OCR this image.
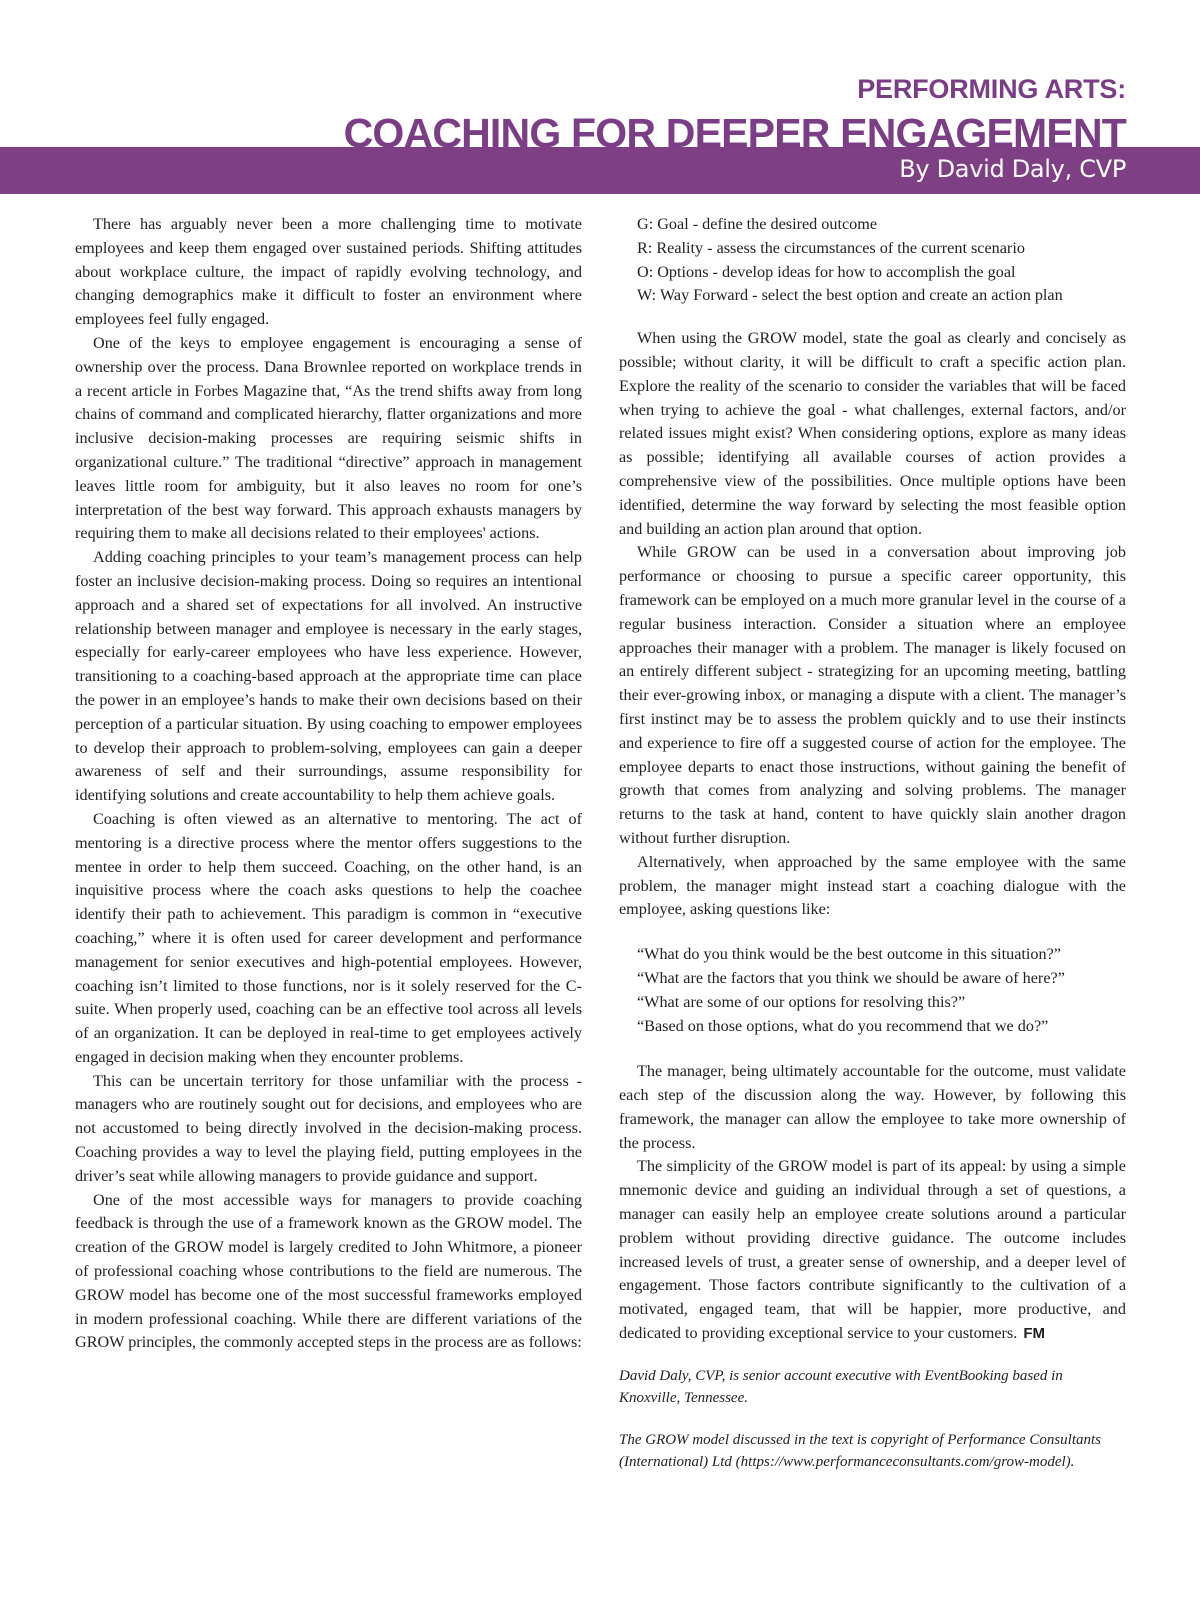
PERFORMING ARTS:
COACHING FOR DEEPER ENGAGEMENT
By David Daly, CVP

There has arguably never been a more challenging time to motivate employees and keep them engaged over sustained periods. Shifting attitudes about workplace culture, the impact of rapidly evolving technology, and changing demographics make it difficult to foster an environment where employees feel fully engaged.

One of the keys to employee engagement is encouraging a sense of ownership over the process. Dana Brownlee reported on workplace trends in a recent article in Forbes Magazine that, “As the trend shifts away from long chains of command and complicated hierarchy, flatter organizations and more inclusive decision-making processes are requiring seismic shifts in organizational culture.” The traditional “directive” approach in management leaves little room for ambiguity, but it also leaves no room for one’s interpretation of the best way forward. This approach exhausts managers by requiring them to make all decisions related to their employees' actions.

Adding coaching principles to your team’s management process can help foster an inclusive decision-making process. Doing so requires an intentional approach and a shared set of expectations for all involved. An instructive relationship between manager and employee is necessary in the early stages, especially for early-career employees who have less experience. However, transitioning to a coaching-based approach at the appropriate time can place the power in an employee’s hands to make their own decisions based on their perception of a particular situation. By using coaching to empower employees to develop their approach to problem-solving, employees can gain a deeper awareness of self and their surroundings, assume responsibility for identifying solutions and create accountability to help them achieve goals.

Coaching is often viewed as an alternative to mentoring. The act of mentoring is a directive process where the mentor offers suggestions to the mentee in order to help them succeed. Coaching, on the other hand, is an inquisitive process where the coach asks questions to help the coachee identify their path to achievement. This paradigm is common in “executive coaching,” where it is often used for career development and performance management for senior executives and high-potential employees. However, coaching isn’t limited to those functions, nor is it solely reserved for the C-suite. When properly used, coaching can be an effective tool across all levels of an organization. It can be deployed in real-time to get employees actively engaged in decision making when they encounter problems.

This can be uncertain territory for those unfamiliar with the process - managers who are routinely sought out for decisions, and employees who are not accustomed to being directly involved in the decision-making process. Coaching provides a way to level the playing field, putting employees in the driver’s seat while allowing managers to provide guidance and support.

One of the most accessible ways for managers to provide coaching feedback is through the use of a framework known as the GROW model. The creation of the GROW model is largely credited to John Whitmore, a pioneer of professional coaching whose contributions to the field are numerous. The GROW model has become one of the most successful frameworks employed in modern professional coaching. While there are different variations of the GROW principles, the commonly accepted steps in the process are as follows:

G: Goal - define the desired outcome
R: Reality - assess the circumstances of the current scenario
O: Options - develop ideas for how to accomplish the goal
W: Way Forward - select the best option and create an action plan

When using the GROW model, state the goal as clearly and concisely as possible; without clarity, it will be difficult to craft a specific action plan. Explore the reality of the scenario to consider the variables that will be faced when trying to achieve the goal - what challenges, external factors, and/or related issues might exist? When considering options, explore as many ideas as possible; identifying all available courses of action provides a comprehensive view of the possibilities. Once multiple options have been identified, determine the way forward by selecting the most feasible option and building an action plan around that option.

While GROW can be used in a conversation about improving job performance or choosing to pursue a specific career opportunity, this framework can be employed on a much more granular level in the course of a regular business interaction. Consider a situation where an employee approaches their manager with a problem. The manager is likely focused on an entirely different subject - strategizing for an upcoming meeting, battling their ever-growing inbox, or managing a dispute with a client. The manager’s first instinct may be to assess the problem quickly and to use their instincts and experience to fire off a suggested course of action for the employee. The employee departs to enact those instructions, without gaining the benefit of growth that comes from analyzing and solving problems. The manager returns to the task at hand, content to have quickly slain another dragon without further disruption.

Alternatively, when approached by the same employee with the same problem, the manager might instead start a coaching dialogue with the employee, asking questions like:

“What do you think would be the best outcome in this situation?”
“What are the factors that you think we should be aware of here?”
“What are some of our options for resolving this?”
“Based on those options, what do you recommend that we do?”

The manager, being ultimately accountable for the outcome, must validate each step of the discussion along the way. However, by following this framework, the manager can allow the employee to take more ownership of the process.

The simplicity of the GROW model is part of its appeal: by using a simple mnemonic device and guiding an individual through a set of questions, a manager can easily help an employee create solutions around a particular problem without providing directive guidance. The outcome includes increased levels of trust, a greater sense of ownership, and a deeper level of engagement. Those factors contribute significantly to the cultivation of a motivated, engaged team, that will be happier, more productive, and dedicated to providing exceptional service to your customers. FM

David Daly, CVP, is senior account executive with EventBooking based in Knoxville, Tennessee.
The GROW model discussed in the text is copyright of Performance Consultants (International) Ltd (https://www.performanceconsultants.com/grow-model).
